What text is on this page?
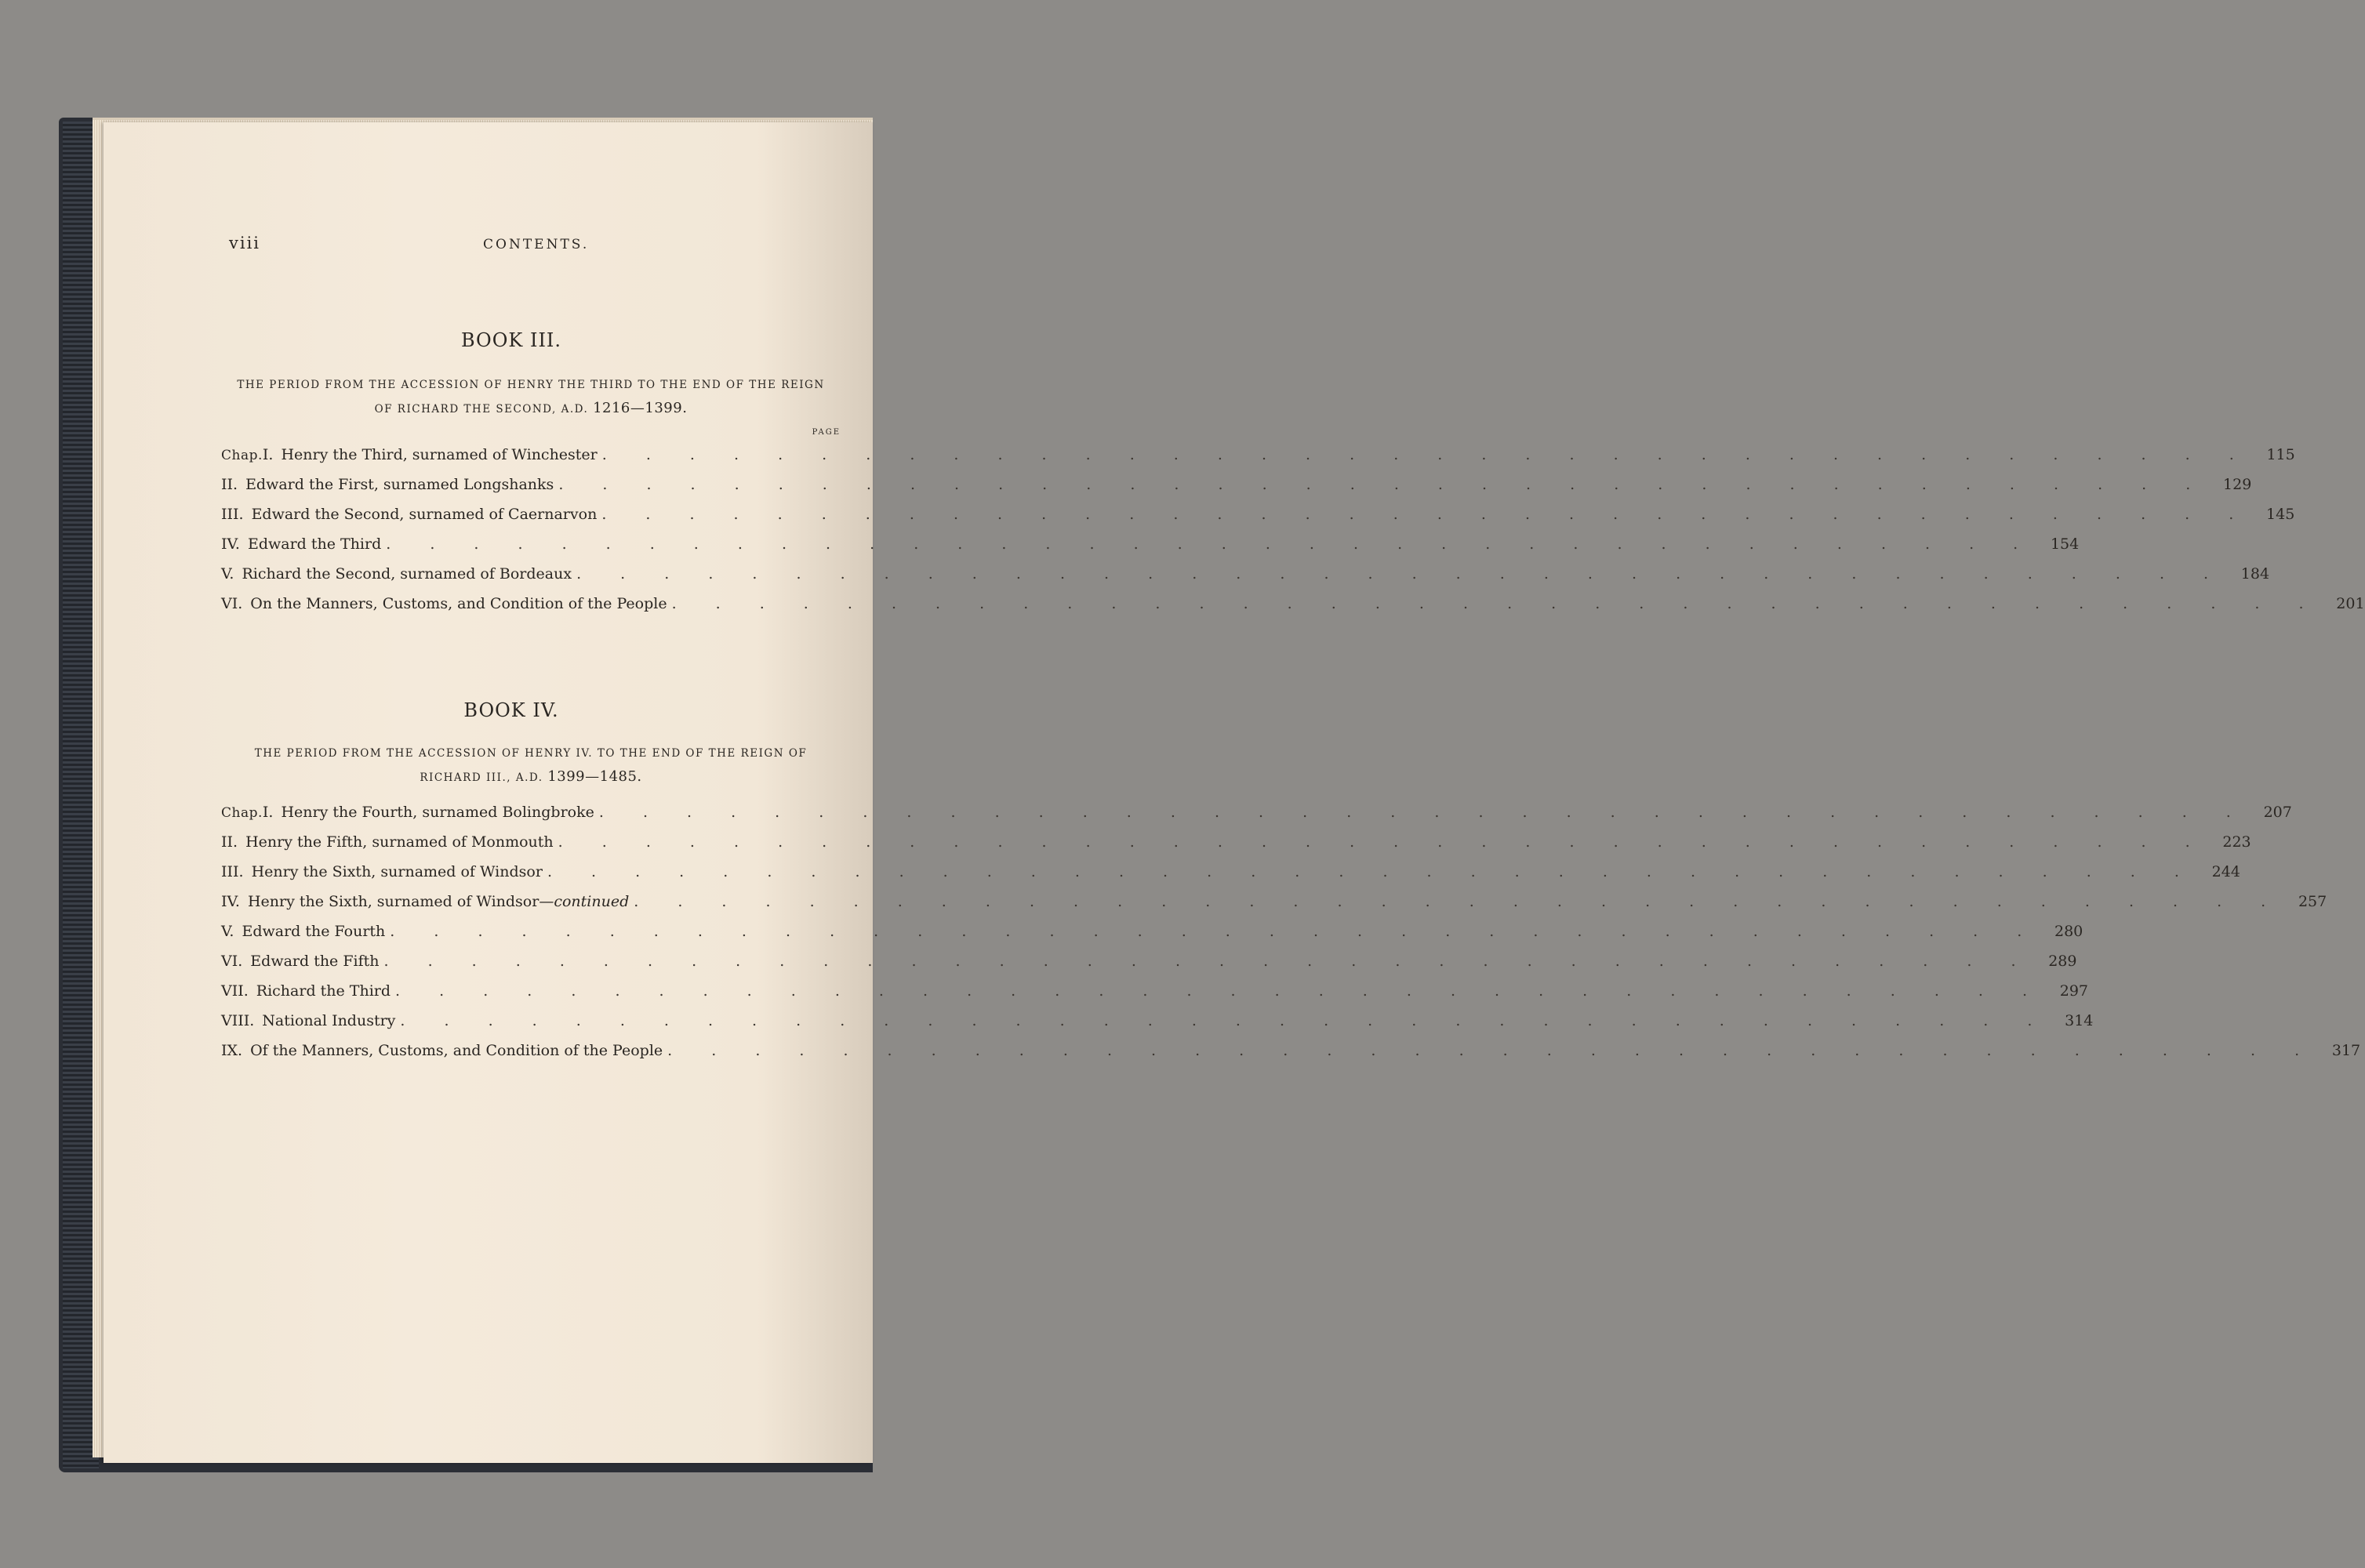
viii	CONTENTS.
BOOK III.
THE PERIOD FROM THE ACCESSION OF HENRY THE THIRD TO THE END OF THE REIGN
OF RICHARD THE SECOND, A.D. 1216—1399.
PAGE
Chap. I. Henry the Third, surnamed of Winchester . . . . . . . . . . . . . . . . . . . . . . . . . . . . . . . . . . . . . .	115
II. Edward the First, surnamed Longshanks . . . . . . . . . . . . . . . . . . . . . . . . . . . . . . . . . . . . . .	129
III. Edward the Second, surnamed of Caernarvon . . . . . . . . . . . . . . . . . . . . . . . . . . . . . . . . . . . . . .	145
IV. Edward the Third . . . . . . . . . . . . . . . . . . . . . . . . . . . . . . . . . . . . . .	154
V. Richard the Second, surnamed of Bordeaux . . . . . . . . . . . . . . . . . . . . . . . . . . . . . . . . . . . . . .	184
VI. On the Manners, Customs, and Condition of the People . . . . . . . . . . . . . . . . . . . . . . . . . . . . . . . . . . . . . .	201
BOOK IV.
THE PERIOD FROM THE ACCESSION OF HENRY IV. TO THE END OF THE REIGN OF
RICHARD III., A.D. 1399—1485.
Chap. I. Henry the Fourth, surnamed Bolingbroke . . . . . . . . . . . . . . . . . . . . . . . . . . . . . . . . . . . . . .	207
II. Henry the Fifth, surnamed of Monmouth . . . . . . . . . . . . . . . . . . . . . . . . . . . . . . . . . . . . . .	223
III. Henry the Sixth, surnamed of Windsor . . . . . . . . . . . . . . . . . . . . . . . . . . . . . . . . . . . . . .	244
IV. Henry the Sixth, surnamed of Windsor—continued . . . . . . . . . . . . . . . . . . . . . . . . . . . . . . . . . . . . . .	257
V. Edward the Fourth . . . . . . . . . . . . . . . . . . . . . . . . . . . . . . . . . . . . . .	280
VI. Edward the Fifth . . . . . . . . . . . . . . . . . . . . . . . . . . . . . . . . . . . . . .	289
VII. Richard the Third . . . . . . . . . . . . . . . . . . . . . . . . . . . . . . . . . . . . . .	297
VIII. National Industry . . . . . . . . . . . . . . . . . . . . . . . . . . . . . . . . . . . . . .	314
IX. Of the Manners, Customs, and Condition of the People . . . . . . . . . . . . . . . . . . . . . . . . . . . . . . . . . . . . . .	317
